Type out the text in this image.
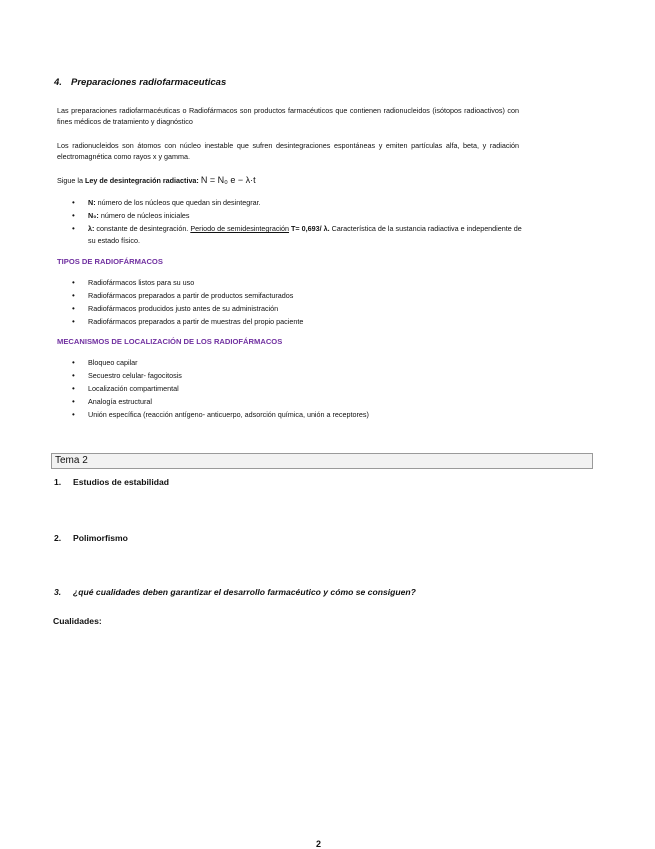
4. Preparaciones radiofarmaceuticas
Las preparaciones radiofarmacéuticas o Radiofármacos son productos farmacéuticos que contienen radionucleidos (isótopos radioactivos) con fines médicos de tratamiento y diagnóstico
Los radionucleidos son átomos con núcleo inestable que sufren desintegraciones espontáneas y emiten partículas alfa, beta, y radiación electromagnética como rayos x y gamma.
Sigue la Ley de desintegración radiactiva: N = N₀ e − λ·t
• N: número de los núcleos que quedan sin desintegrar.
• N₀: número de núcleos iniciales
• λ: constante de desintegración. Periodo de semidesintegración T= 0,693/ λ. Característica de la sustancia radiactiva e independiente de su estado físico.
TIPOS DE RADIOFÁRMACOS
• Radiofármacos listos para su uso
• Radiofármacos preparados a partir de productos semifacturados
• Radiofármacos producidos justo antes de su administración
• Radiofármacos preparados a partir de muestras del propio paciente
MECANISMOS DE LOCALIZACIÓN DE LOS RADIOFÁRMACOS
• Bloqueo capilar
• Secuestro celular- fagocitosis
• Localización compartimental
• Analogía estructural
• Unión específica (reacción antígeno- anticuerpo, adsorción química, unión a receptores)
Tema 2
1. Estudios de estabilidad
2. Polimorfismo
3. ¿qué cualidades deben garantizar el desarrollo farmacéutico y cómo se consiguen?
Cualidades:
2
